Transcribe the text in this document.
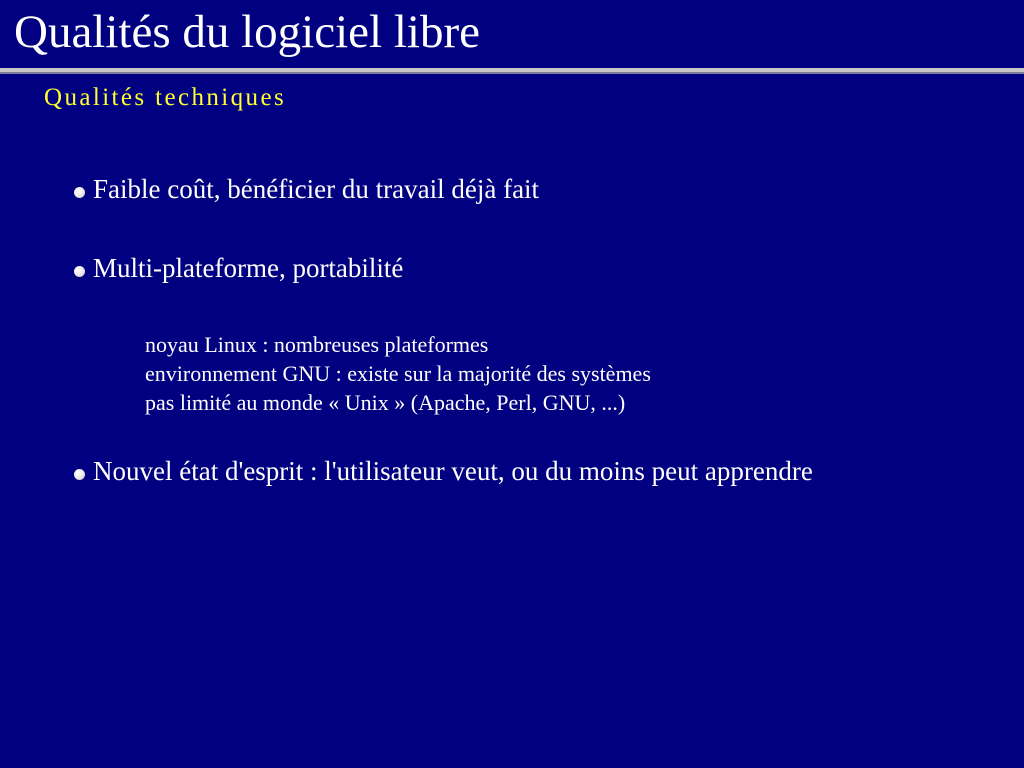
Qualités du logiciel libre
Qualités techniques
Faible coût, bénéficier du travail déjà fait
Multi-plateforme, portabilité
noyau Linux : nombreuses plateformes
environnement GNU : existe sur la majorité des systèmes
pas limité au monde « Unix » (Apache, Perl, GNU, ...)
Nouvel état d'esprit : l'utilisateur veut, ou du moins peut apprendre
